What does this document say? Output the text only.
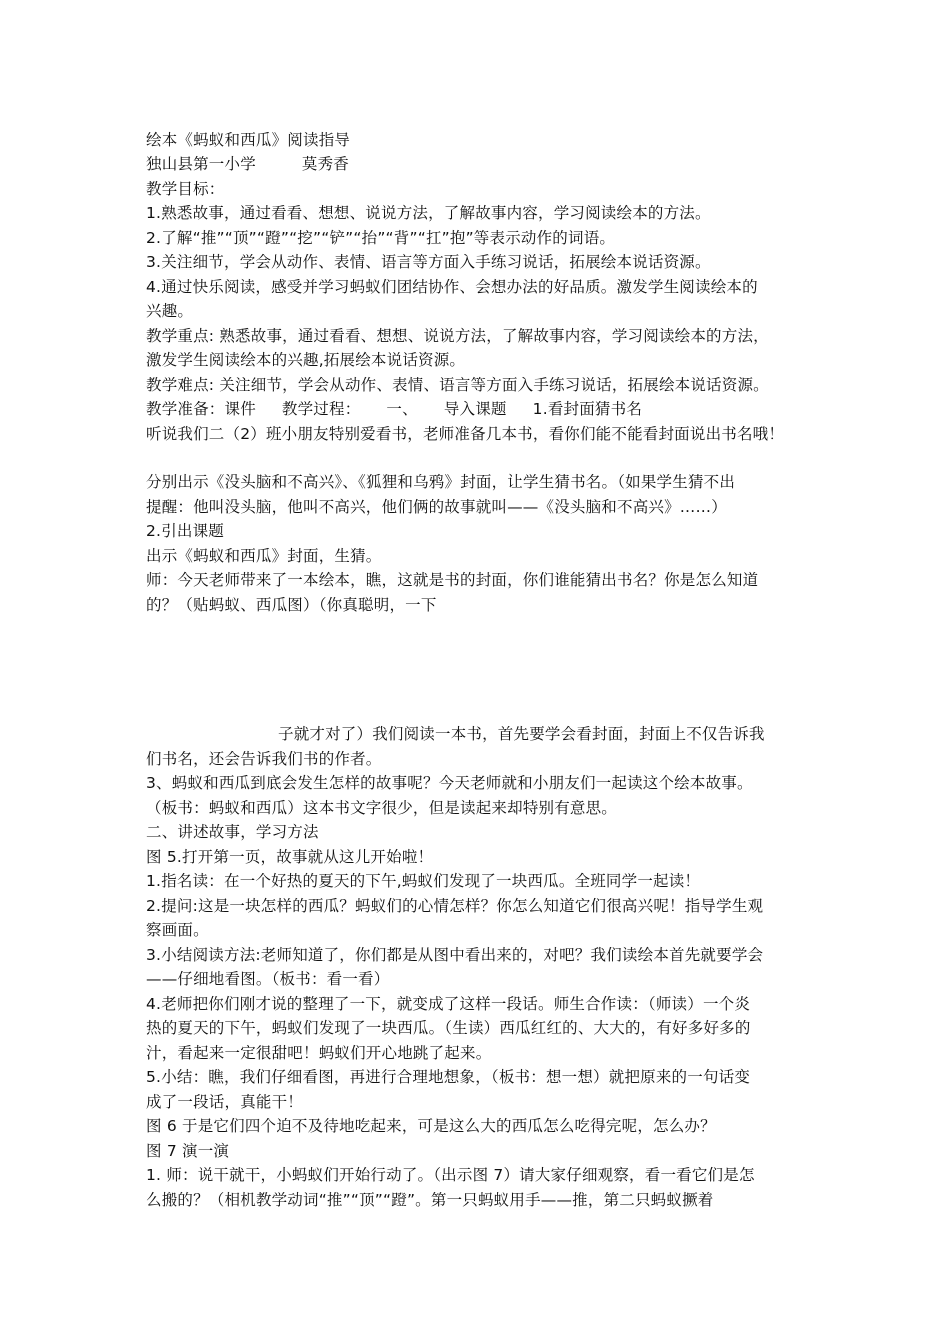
绘本《蚂蚁和西瓜》阅读指导
独山县第一小学	莫秀香
教学目标：
1.熟悉故事，通过看看、想想、说说方法，了解故事内容，学习阅读绘本的方法。
2.了解“推”“顶”“蹬”“挖”“铲”“抬”“背”“扛”抱”等表示动作的词语。
3.关注细节，学会从动作、表情、语言等方面入手练习说话，拓展绘本说话资源。
4.通过快乐阅读，感受并学习蚂蚁们团结协作、会想办法的好品质。激发学生阅读绘本的
兴趣。
教学重点: 熟悉故事，通过看看、想想、说说方法，了解故事内容，学习阅读绘本的方法，
激发学生阅读绘本的兴趣,拓展绘本说话资源。
教学难点: 关注细节，学会从动作、表情、语言等方面入手练习说话，拓展绘本说话资源。
教学准备：课件 教学过程： 一、 导入课题 1.看封面猜书名
听说我们二（2）班小朋友特别爱看书，老师准备几本书，看你们能不能看封面说出书名哦！
分别出示《没头脑和不高兴》、《狐狸和乌鸦》封面，让学生猜书名。（如果学生猜不出
提醒：他叫没头脑，他叫不高兴，他们俩的故事就叫——《没头脑和不高兴》……）
2.引出课题
出示《蚂蚁和西瓜》封面，生猜。
师：今天老师带来了一本绘本，瞧，这就是书的封面，你们谁能猜出书名？你是怎么知道
的？（贴蚂蚁、西瓜图）（你真聪明，一下
子就才对了）我们阅读一本书，首先要学会看封面，封面上不仅告诉我
们书名，还会告诉我们书的作者。
3、蚂蚁和西瓜到底会发生怎样的故事呢？今天老师就和小朋友们一起读这个绘本故事。
（板书：蚂蚁和西瓜）这本书文字很少，但是读起来却特别有意思。
二、讲述故事，学习方法
图 5.打开第一页，故事就从这儿开始啦！
1.指名读：在一个好热的夏天的下午,蚂蚁们发现了一块西瓜。全班同学一起读！
2.提问:这是一块怎样的西瓜？蚂蚁们的心情怎样？你怎么知道它们很高兴呢！指导学生观
察画面。
3.小结阅读方法:老师知道了，你们都是从图中看出来的，对吧？我们读绘本首先就要学会
——仔细地看图。（板书：看一看）
4.老师把你们刚才说的整理了一下，就变成了这样一段话。师生合作读：（师读）一个炎
热的夏天的下午，蚂蚁们发现了一块西瓜。（生读）西瓜红红的、大大的，有好多好多的
汁，看起来一定很甜吧！蚂蚁们开心地跳了起来。
5.小结：瞧，我们仔细看图，再进行合理地想象，（板书：想一想）就把原来的一句话变
成了一段话，真能干！
图 6 于是它们四个迫不及待地吃起来，可是这么大的西瓜怎么吃得完呢，怎么办？
图 7 演一演
1. 师：说干就干，小蚂蚁们开始行动了。（出示图 7）请大家仔细观察，看一看它们是怎
么搬的？（相机教学动词“推”“顶”“蹬”。第一只蚂蚁用手——推，第二只蚂蚁撅着
